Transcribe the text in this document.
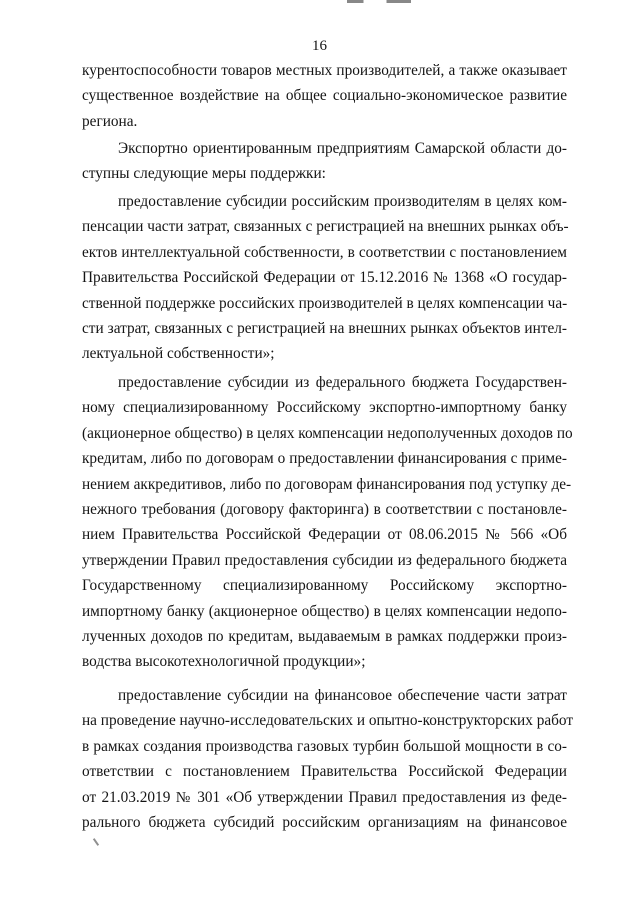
16
курентоспособности товаров местных производителей, а также оказывает
существенное воздействие на общее социально-экономическое развитие
региона.
Экспортно ориентированным предприятиям Самарской области до-
ступны следующие меры поддержки:
предоставление субсидии российским производителям в целях ком-
пенсации части затрат, связанных с регистрацией на внешних рынках объ-
ектов интеллектуальной собственности, в соответствии с постановлением
Правительства Российской Федерации от 15.12.2016 № 1368 «О государ-
ственной поддержке российских производителей в целях компенсации ча-
сти затрат, связанных с регистрацией на внешних рынках объектов интел-
лектуальной собственности»;
предоставление субсидии из федерального бюджета Государствен-
ному специализированному Российскому экспортно-импортному банку
(акционерное общество) в целях компенсации недополученных доходов по
кредитам, либо по договорам о предоставлении финансирования с приме-
нением аккредитивов, либо по договорам финансирования под уступку де-
нежного требования (договору факторинга) в соответствии с постановле-
нием Правительства Российской Федерации от 08.06.2015 № 566 «Об
утверждении Правил предоставления субсидии из федерального бюджета
Государственному специализированному Российскому экспортно-
импортному банку (акционерное общество) в целях компенсации недопо-
лученных доходов по кредитам, выдаваемым в рамках поддержки произ-
водства высокотехнологичной продукции»;
предоставление субсидии на финансовое обеспечение части затрат
на проведение научно-исследовательских и опытно-конструкторских работ
в рамках создания производства газовых турбин большой мощности в со-
ответствии с постановлением Правительства Российской Федерации
от 21.03.2019 № 301 «Об утверждении Правил предоставления из феде-
рального бюджета субсидий российским организациям на финансовое
